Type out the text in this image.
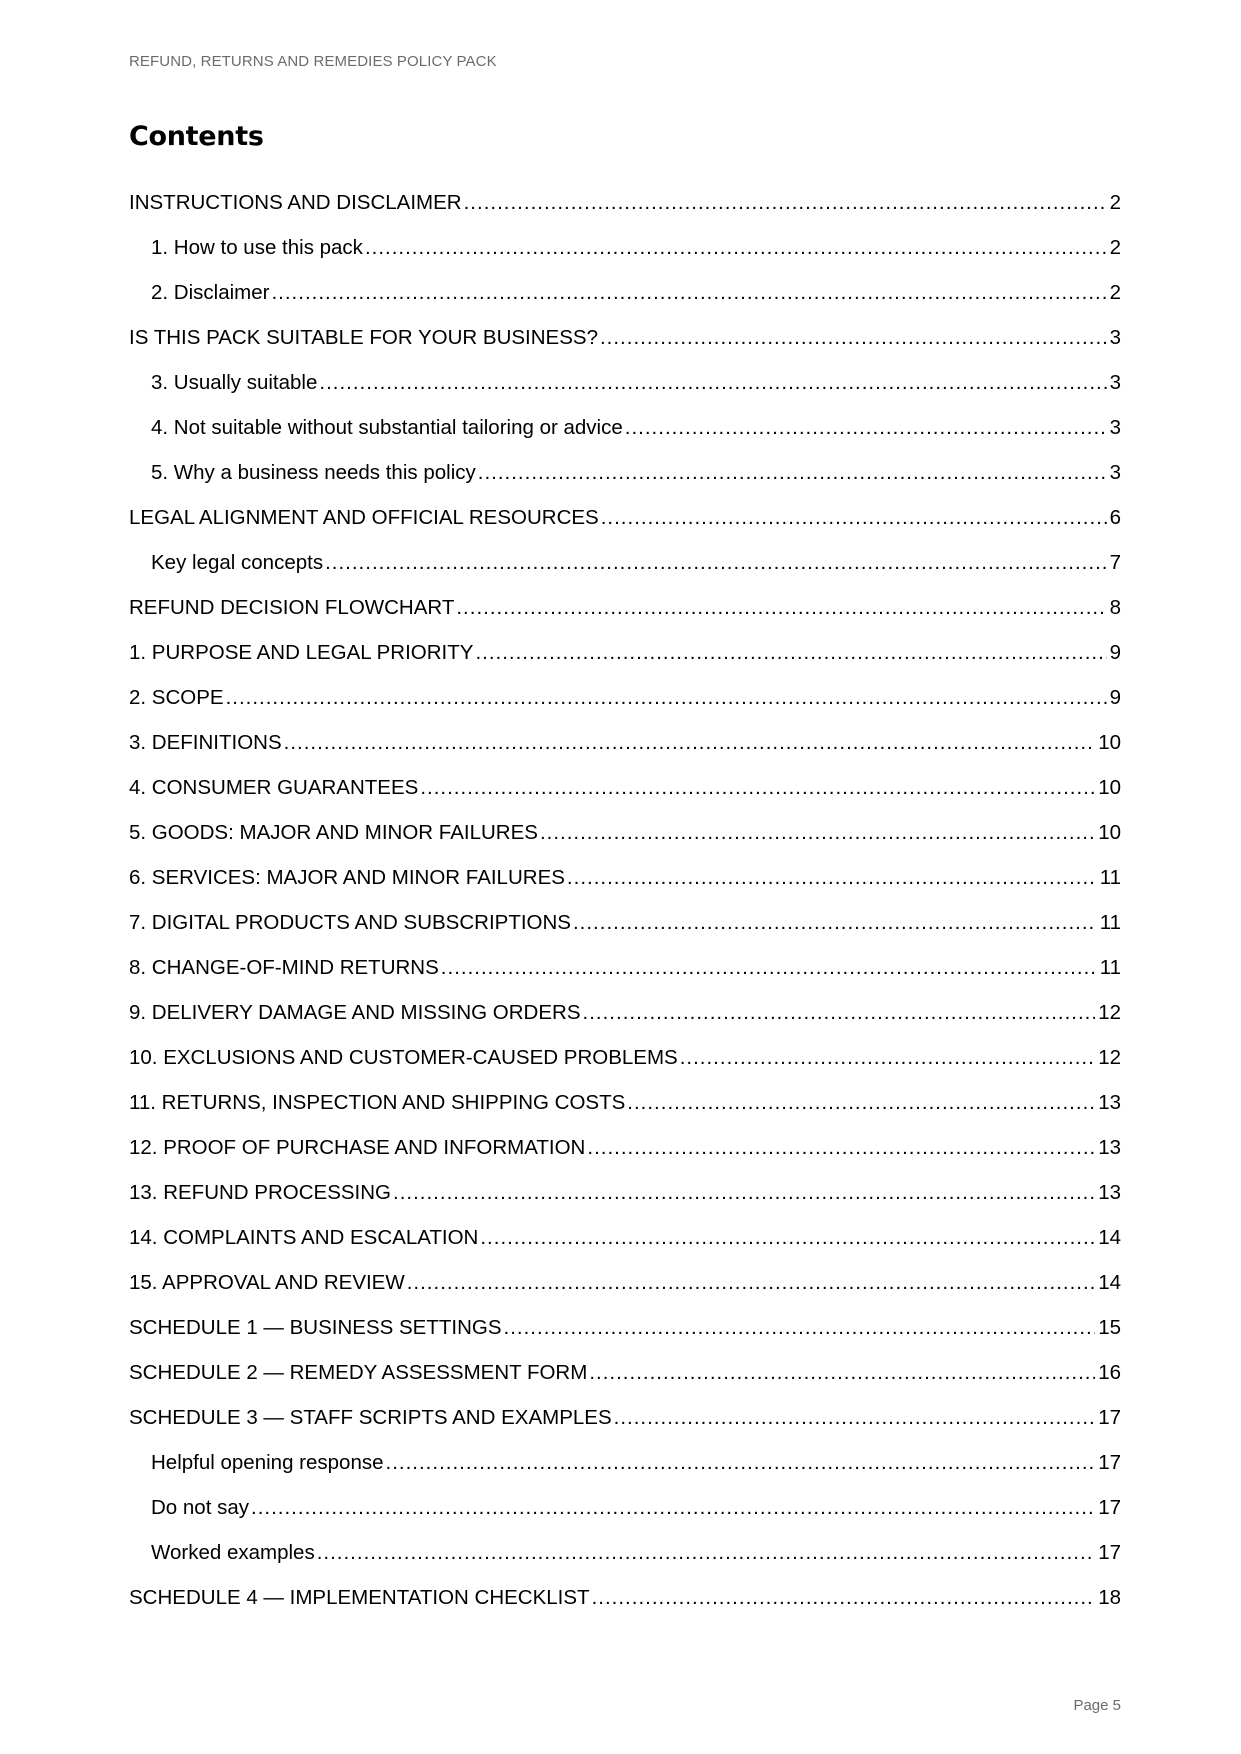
REFUND, RETURNS AND REMEDIES POLICY PACK
Contents
INSTRUCTIONS AND DISCLAIMER .....	2
1. How to use this pack .....	2
2. Disclaimer .....	2
IS THIS PACK SUITABLE FOR YOUR BUSINESS? .....	3
3. Usually suitable .....	3
4. Not suitable without substantial tailoring or advice .....	3
5. Why a business needs this policy .....	3
LEGAL ALIGNMENT AND OFFICIAL RESOURCES .....	6
Key legal concepts .....	7
REFUND DECISION FLOWCHART .....	8
1. PURPOSE AND LEGAL PRIORITY .....	9
2. SCOPE .....	9
3. DEFINITIONS .....	10
4. CONSUMER GUARANTEES .....	10
5. GOODS: MAJOR AND MINOR FAILURES .....	10
6. SERVICES: MAJOR AND MINOR FAILURES .....	11
7. DIGITAL PRODUCTS AND SUBSCRIPTIONS .....	11
8. CHANGE-OF-MIND RETURNS .....	11
9. DELIVERY DAMAGE AND MISSING ORDERS .....	12
10. EXCLUSIONS AND CUSTOMER-CAUSED PROBLEMS .....	12
11. RETURNS, INSPECTION AND SHIPPING COSTS .....	13
12. PROOF OF PURCHASE AND INFORMATION .....	13
13. REFUND PROCESSING .....	13
14. COMPLAINTS AND ESCALATION .....	14
15. APPROVAL AND REVIEW .....	14
SCHEDULE 1 — BUSINESS SETTINGS .....	15
SCHEDULE 2 — REMEDY ASSESSMENT FORM .....	16
SCHEDULE 3 — STAFF SCRIPTS AND EXAMPLES .....	17
Helpful opening response .....	17
Do not say .....	17
Worked examples .....	17
SCHEDULE 4 — IMPLEMENTATION CHECKLIST .....	18
Page 5
